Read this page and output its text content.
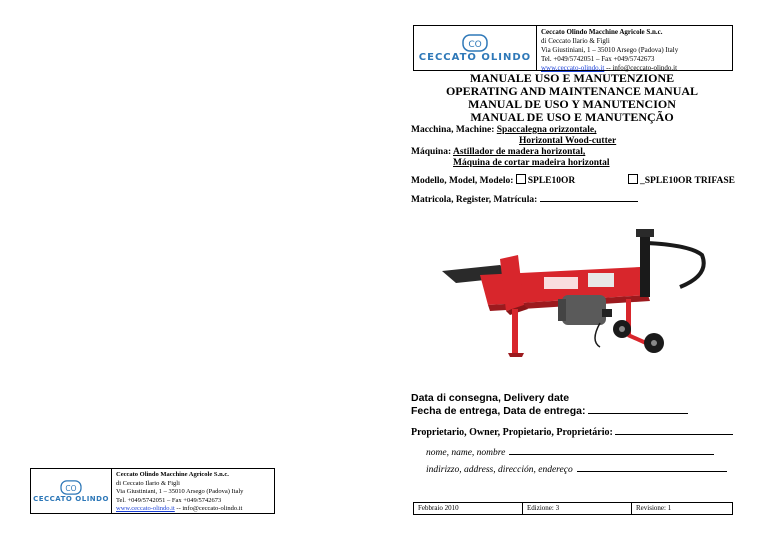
CO
CECCATO OLINDO
Ceccato Olindo Macchine Agricole S.n.c.
di Ceccato Ilario & Figli
Via Giustiniani, 1 – 35010 Arsego (Padova) Italy
Tel. +049/5742051 – Fax +049/5742673
www.ceccato-olindo.it -- info@ceccato-olindo.it
MANUALE USO E MANUTENZIONE
OPERATING AND MAINTENANCE MANUAL
MANUAL DE USO Y MANUTENCION
MANUAL DE USO E MANUTENÇÃO
Macchina, Machine: Spaccalegna orizzontale,
Horizontal Wood-cutter
Máquina: Astillador de madera horizontal,
Máquina de cortar madeira horizontal
Modello, Model, Modelo: SPLE10OR	_SPLE10OR TRIFASE
Matricola, Register, Matrícula:
Data di consegna, Delivery date
Fecha de entrega, Data de entrega:
Proprietario, Owner, Propietario, Proprietário:
nome, name, nombre
indirizzo, address, dirección, endereço
Febbraio 2010	Edizione: 3	Revisione: 1
CO
CECCATO OLINDO
Ceccato Olindo Macchine Agricole S.n.c.
di Ceccato Ilario & Figli
Via Giustiniani, 1 – 35010 Arsego (Padova) Italy
Tel. +049/5742051 – Fax +049/5742673
www.ceccato-olindo.it -- info@ceccato-olindo.it
